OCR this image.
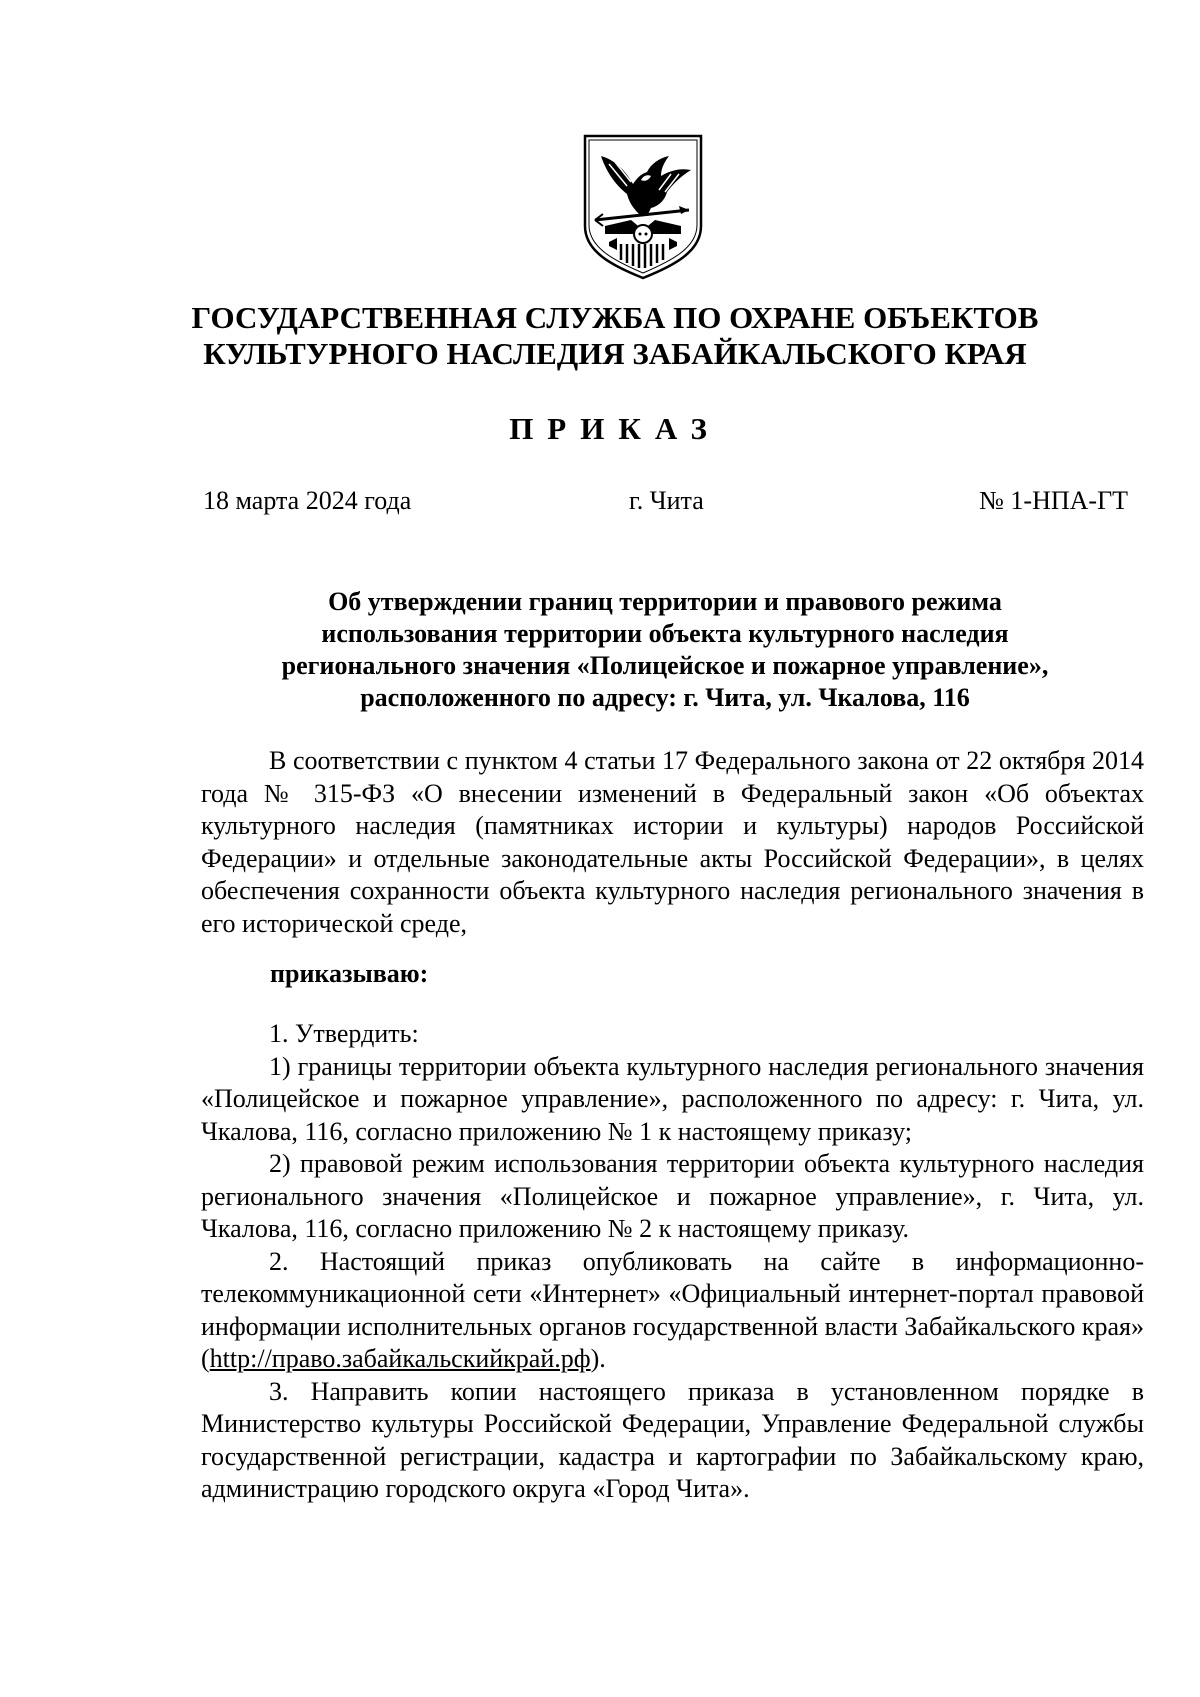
ГОСУДАРСТВЕННАЯ СЛУЖБА ПО ОХРАНЕ ОБЪЕКТОВ
КУЛЬТУРНОГО НАСЛЕДИЯ ЗАБАЙКАЛЬСКОГО КРАЯ
ПРИКАЗ
18 марта 2024 года	г. Чита	№ 1-НПА-ГТ
Об утверждении границ территории и правового режима
использования территории объекта культурного наследия
регионального значения «Полицейское и пожарное управление»,
расположенного по адресу: г. Чита, ул. Чкалова, 116

В соответствии с пунктом 4 статьи 17 Федерального закона от 22 октября 2014 года № 315-ФЗ «О внесении изменений в Федеральный закон «Об объектах культурного наследия (памятниках истории и культуры) народов Российской Федерации» и отдельные законодательные акты Российской Федерации», в целях обеспечения сохранности объекта культурного наследия регионального значения в его исторической среде,

приказываю:

1. Утвердить:

1) границы территории объекта культурного наследия регионального значения «Полицейское и пожарное управление», расположенного по адресу: г. Чита, ул. Чкалова, 116, согласно приложению № 1 к настоящему приказу;

2) правовой режим использования территории объекта культурного наследия регионального значения «Полицейское и пожарное управление», г. Чита, ул. Чкалова, 116, согласно приложению № 2 к настоящему приказу.

2. Настоящий приказ опубликовать на сайте в информационно-телекоммуникационной сети «Интернет» «Официальный интернет-портал правовой информации исполнительных органов государственной власти Забайкальского края» (http://право.забайкальскийкрай.рф).

3. Направить копии настоящего приказа в установленном порядке в Министерство культуры Российской Федерации, Управление Федеральной службы государственной регистрации, кадастра и картографии по Забайкальскому краю, администрацию городского округа «Город Чита».
